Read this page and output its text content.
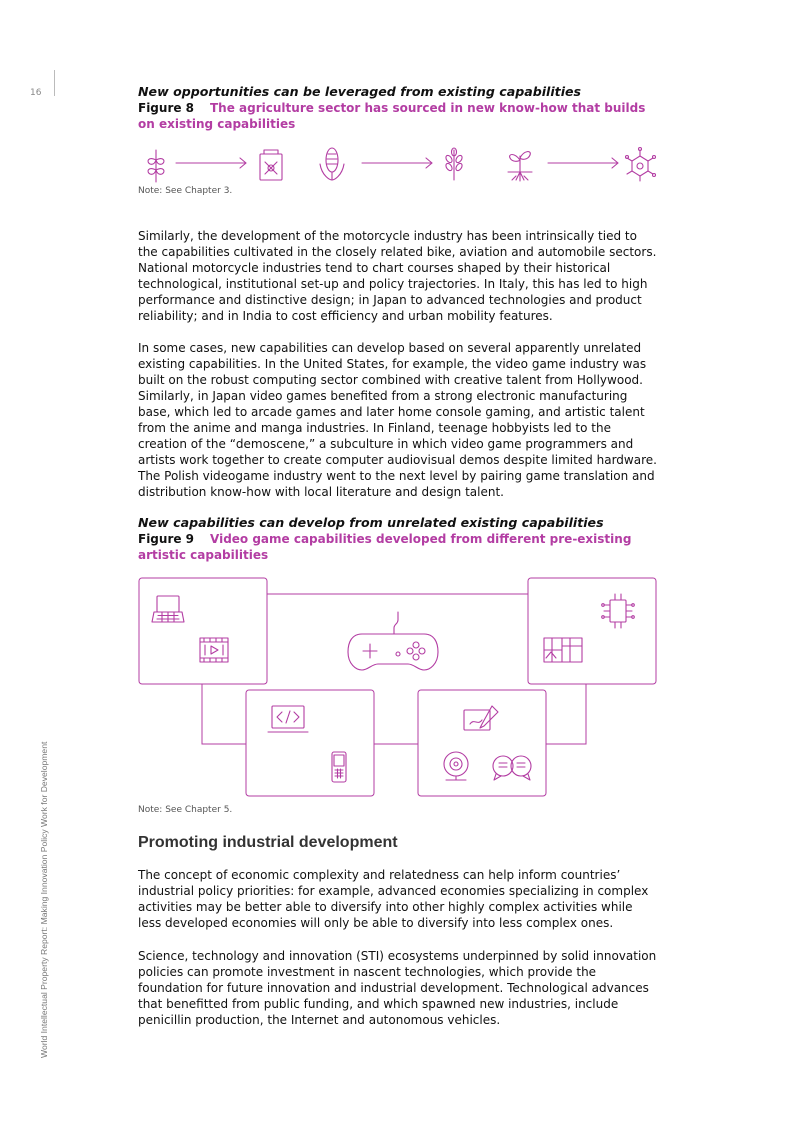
16
World Intellectual Property Report: Making Innovation Policy Work for Development

New opportunities can be leveraged from existing capabilities

Figure 8 The agriculture sector has sourced in new know-how that builds on existing capabilities

Note: See Chapter 3.

Similarly, the development of the motorcycle industry has been intrinsically tied to the capabilities cultivated in the closely related bike, aviation and automobile sectors. National motorcycle industries tend to chart courses shaped by their historical technological, institutional set-up and policy trajectories. In Italy, this has led to high performance and distinctive design; in Japan to advanced technologies and product reliability; and in India to cost efficiency and urban mobility features.

In some cases, new capabilities can develop based on several apparently unrelated existing capabilities. In the United States, for example, the video game industry was built on the robust computing sector combined with creative talent from Hollywood. Similarly, in Japan video games benefited from a strong electronic manufacturing base, which led to arcade games and later home console gaming, and artistic talent from the anime and manga industries. In Finland, teenage hobbyists led to the creation of the “demoscene,” a subculture in which video game programmers and artists work together to create computer audiovisual demos despite limited hardware. The Polish videogame industry went to the next level by pairing game translation and distribution know-how with local literature and design talent.

New capabilities can develop from unrelated existing capabilities

Figure 9 Video game capabilities developed from different pre-existing artistic capabilities

Note: See Chapter 5.

Promoting industrial development

The concept of economic complexity and relatedness can help inform countries’ industrial policy priorities: for example, advanced economies specializing in complex activities may be better able to diversify into other highly complex activities while less developed economies will only be able to diversify into less complex ones.

Science, technology and innovation (STI) ecosystems underpinned by solid innovation policies can promote investment in nascent technologies, which provide the foundation for future innovation and industrial development. Technological advances that benefitted from public funding, and which spawned new industries, include penicillin production, the Internet and autonomous vehicles.
